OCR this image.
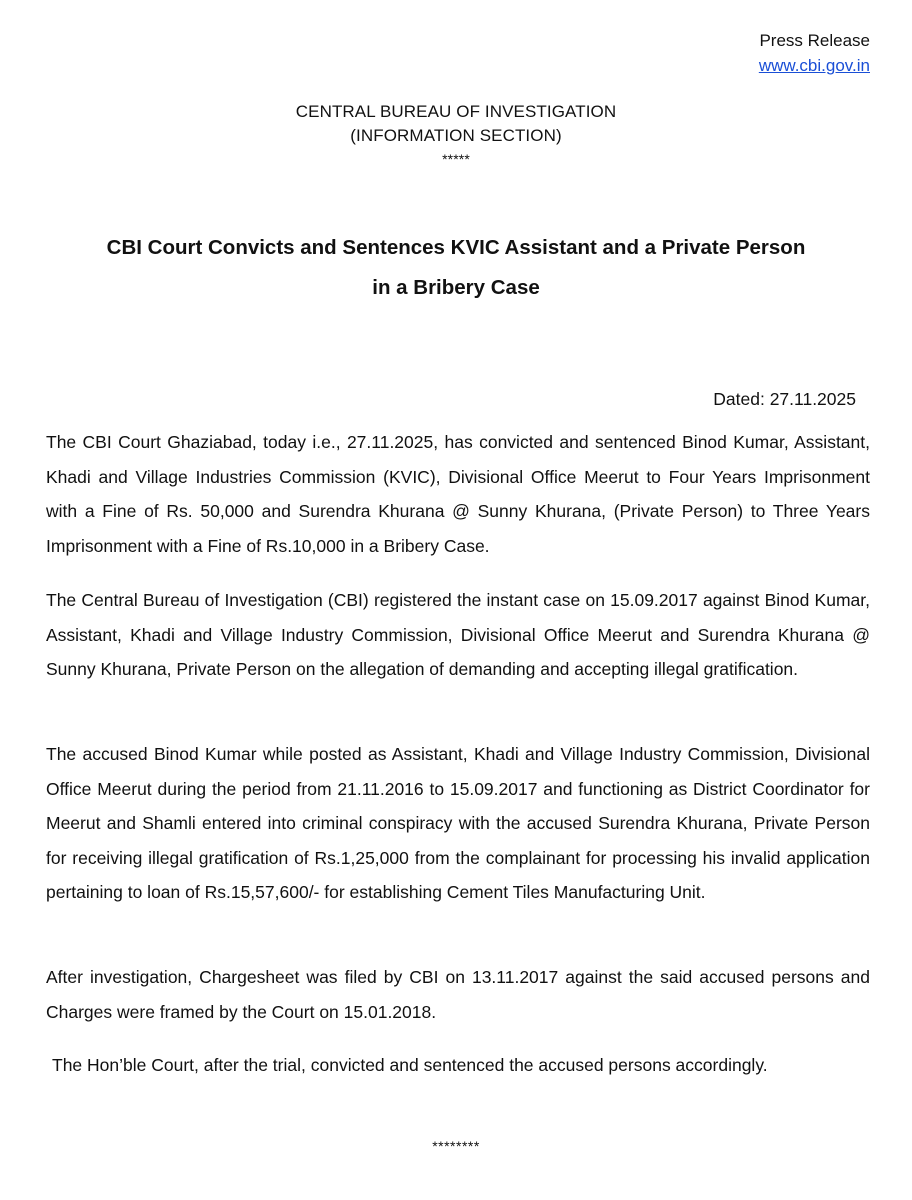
Press Release
www.cbi.gov.in
CENTRAL BUREAU OF INVESTIGATION
(INFORMATION SECTION)
*****
CBI Court Convicts and Sentences KVIC Assistant and a Private Person
in a Bribery Case
Dated: 27.11.2025

The CBI Court Ghaziabad, today i.e., 27.11.2025, has convicted and sentenced Binod Kumar, Assistant, Khadi and Village Industries Commission (KVIC), Divisional Office Meerut to Four Years Imprisonment with a Fine of Rs. 50,000 and Surendra Khurana @ Sunny Khurana, (Private Person) to Three Years Imprisonment with a Fine of Rs.10,000 in a Bribery Case.

The Central Bureau of Investigation (CBI) registered the instant case on 15.09.2017 against Binod Kumar, Assistant, Khadi and Village Industry Commission, Divisional Office Meerut and Surendra Khurana @ Sunny Khurana, Private Person on the allegation of demanding and accepting illegal gratification.

The accused Binod Kumar while posted as Assistant, Khadi and Village Industry Commission, Divisional Office Meerut during the period from 21.11.2016 to 15.09.2017 and functioning as District Coordinator for Meerut and Shamli entered into criminal conspiracy with the accused Surendra Khurana, Private Person for receiving illegal gratification of Rs.1,25,000 from the complainant for processing his invalid application pertaining to loan of Rs.15,57,600/- for establishing Cement Tiles Manufacturing Unit.

After investigation, Chargesheet was filed by CBI on 13.11.2017 against the said accused persons and Charges were framed by the Court on 15.01.2018.

The Hon’ble Court, after the trial, convicted and sentenced the accused persons accordingly.

********
